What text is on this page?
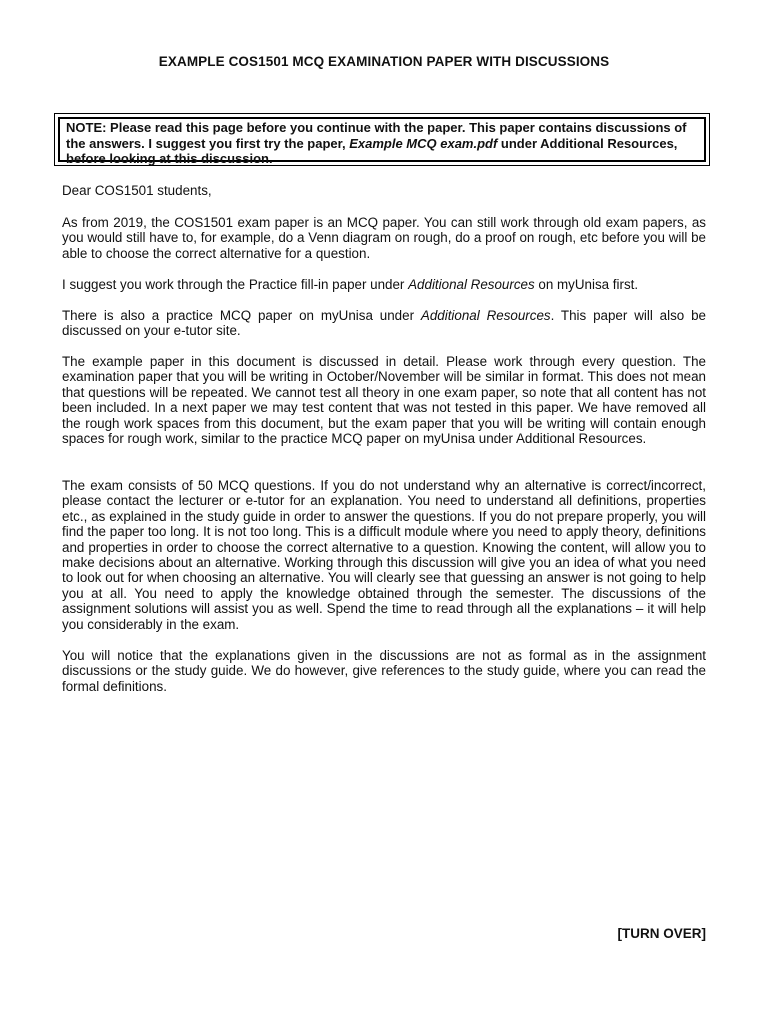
EXAMPLE COS1501 MCQ EXAMINATION PAPER WITH DISCUSSIONS
NOTE: Please read this page before you continue with the paper. This paper contains discussions of the answers. I suggest you first try the paper, Example MCQ exam.pdf under Additional Resources, before looking at this discussion.

Dear COS1501 students,

As from 2019, the COS1501 exam paper is an MCQ paper. You can still work through old exam papers, as you would still have to, for example, do a Venn diagram on rough, do a proof on rough, etc before you will be able to choose the correct alternative for a question.

I suggest you work through the Practice fill-in paper under Additional Resources on myUnisa first.

There is also a practice MCQ paper on myUnisa under Additional Resources. This paper will also be discussed on your e-tutor site.

The example paper in this document is discussed in detail. Please work through every question. The examination paper that you will be writing in October/November will be similar in format. This does not mean that questions will be repeated. We cannot test all theory in one exam paper, so note that all content has not been included. In a next paper we may test content that was not tested in this paper. We have removed all the rough work spaces from this document, but the exam paper that you will be writing will contain enough spaces for rough work, similar to the practice MCQ paper on myUnisa under Additional Resources.

The exam consists of 50 MCQ questions. If you do not understand why an alternative is correct/incorrect, please contact the lecturer or e-tutor for an explanation. You need to understand all definitions, properties etc., as explained in the study guide in order to answer the questions. If you do not prepare properly, you will find the paper too long. It is not too long. This is a difficult module where you need to apply theory, definitions and properties in order to choose the correct alternative to a question. Knowing the content, will allow you to make decisions about an alternative. Working through this discussion will give you an idea of what you need to look out for when choosing an alternative. You will clearly see that guessing an answer is not going to help you at all. You need to apply the knowledge obtained through the semester. The discussions of the assignment solutions will assist you as well. Spend the time to read through all the explanations – it will help you considerably in the exam.

You will notice that the explanations given in the discussions are not as formal as in the assignment discussions or the study guide. We do however, give references to the study guide, where you can read the formal definitions.

[TURN OVER]
